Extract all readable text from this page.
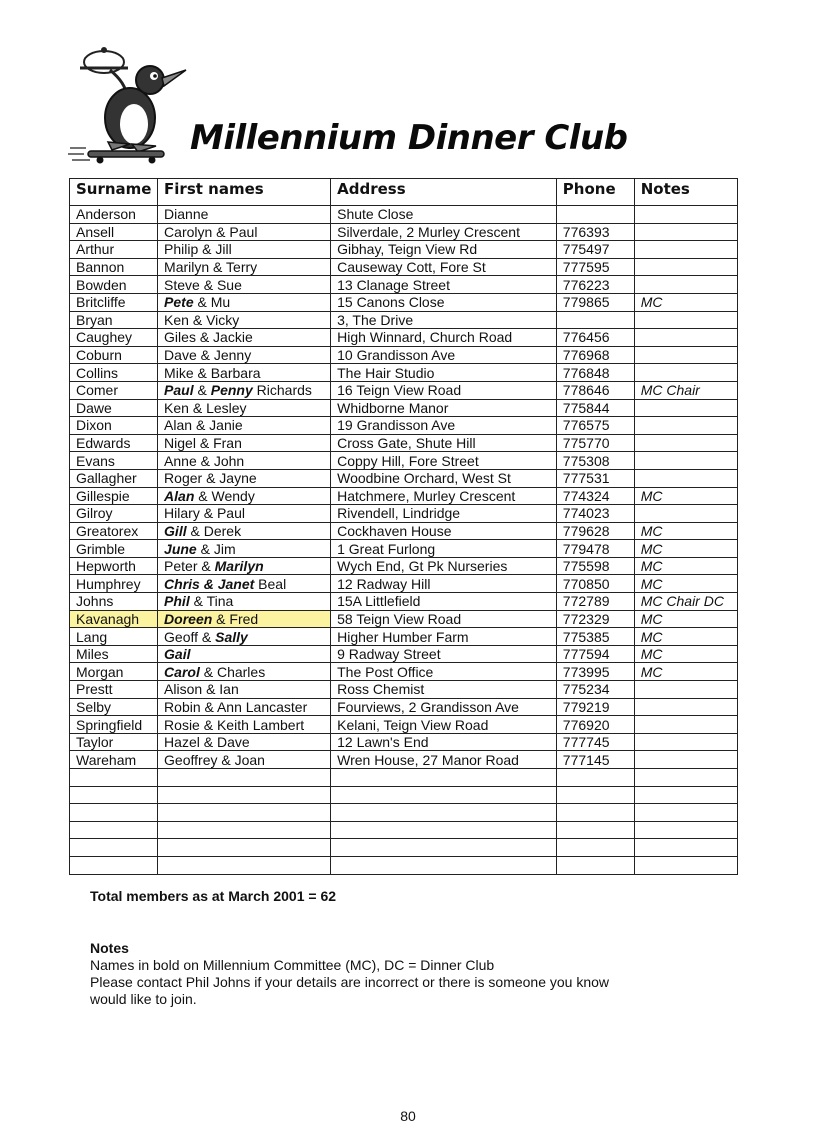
Millennium Dinner Club
Surname	First names	Address	Phone	Notes
Anderson	Dianne	Shute Close		
Ansell	Carolyn & Paul	Silverdale, 2 Murley Crescent	776393	
Arthur	Philip & Jill	Gibhay, Teign View Rd	775497	
Bannon	Marilyn & Terry	Causeway Cott, Fore St	777595	
Bowden	Steve & Sue	13 Clanage Street	776223	
Britcliffe	Pete & Mu	15 Canons Close	779865	MC
Bryan	Ken & Vicky	3, The Drive		
Caughey	Giles & Jackie	High Winnard, Church Road	776456	
Coburn	Dave & Jenny	10 Grandisson Ave	776968	
Collins	Mike & Barbara	The Hair Studio	776848	
Comer	Paul & Penny Richards	16 Teign View Road	778646	MC Chair
Dawe	Ken & Lesley	Whidborne Manor	775844	
Dixon	Alan & Janie	19 Grandisson Ave	776575	
Edwards	Nigel & Fran	Cross Gate, Shute Hill	775770	
Evans	Anne & John	Coppy Hill, Fore Street	775308	
Gallagher	Roger & Jayne	Woodbine Orchard, West St	777531	
Gillespie	Alan & Wendy	Hatchmere, Murley Crescent	774324	MC
Gilroy	Hilary & Paul	Rivendell, Lindridge	774023	
Greatorex	Gill & Derek	Cockhaven House	779628	MC
Grimble	June & Jim	1 Great Furlong	779478	MC
Hepworth	Peter & Marilyn	Wych End, Gt Pk Nurseries	775598	MC
Humphrey	Chris & Janet Beal	12 Radway Hill	770850	MC
Johns	Phil & Tina	15A Littlefield	772789	MC Chair DC
Kavanagh	Doreen & Fred	58 Teign View Road	772329	MC
Lang	Geoff & Sally	Higher Humber Farm	775385	MC
Miles	Gail	9 Radway Street	777594	MC
Morgan	Carol & Charles	The Post Office	773995	MC
Prestt	Alison & Ian	Ross Chemist	775234	
Selby	Robin & Ann Lancaster	Fourviews, 2 Grandisson Ave	779219	
Springfield	Rosie & Keith Lambert	Kelani, Teign View Road	776920	
Taylor	Hazel & Dave	12 Lawn's End	777745	
Wareham	Geoffrey & Joan	Wren House, 27 Manor Road	777145	

Total members as at March 2001 = 62

Notes

Names in bold on Millennium Committee (MC), DC = Dinner Club

Please contact Phil Johns if your details are incorrect or there is someone you know

would like to join.

80
